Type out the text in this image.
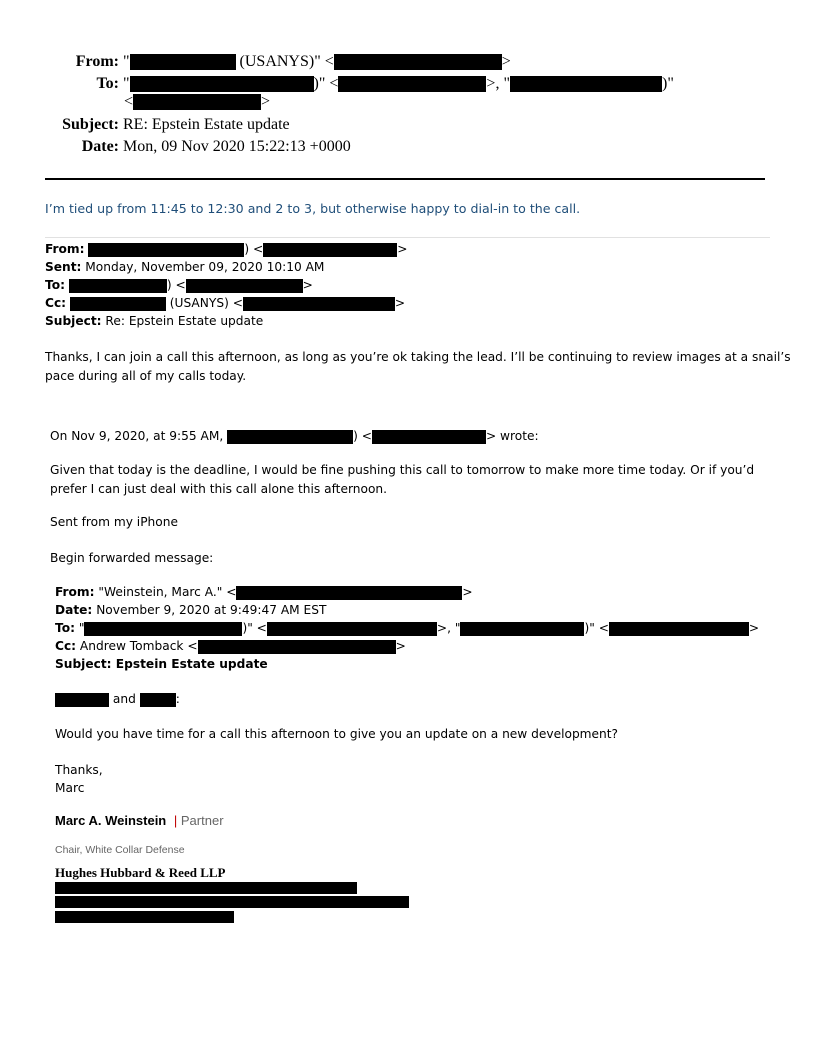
From: "	(USANYS)" <	>
To: "	)" <	>, "	)"
<	>
Subject: RE: Epstein Estate update
Date: Mon, 09 Nov 2020 15:22:13 +0000
I’m tied up from 11:45 to 12:30 and 2 to 3, but otherwise happy to dial-in to the call.
From:	) <	>
Sent: Monday, November 09, 2020 10:10 AM
To:	) <	>
Cc:	(USANYS) <	>
Subject: Re: Epstein Estate update
Thanks, I can join a call this afternoon, as long as you’re ok taking the lead. I’ll be continuing to review images at a snail’s
pace during all of my calls today.
On Nov 9, 2020, at 9:55 AM,	) <	> wrote:
Given that today is the deadline, I would be fine pushing this call to tomorrow to make more time today. Or if you’d
prefer I can just deal with this call alone this afternoon.
Sent from my iPhone
Begin forwarded message:
From: "Weinstein, Marc A." <	>
Date: November 9, 2020 at 9:49:47 AM EST
To: "	)" <	>, "	)" <	>
Cc: Andrew Tomback <	>
Subject: Epstein Estate update
and	:
Would you have time for a call this afternoon to give you an update on a new development?
Thanks,
Marc
Marc A. Weinstein | Partner
Chair, White Collar Defense
Hughes Hubbard & Reed LLP
